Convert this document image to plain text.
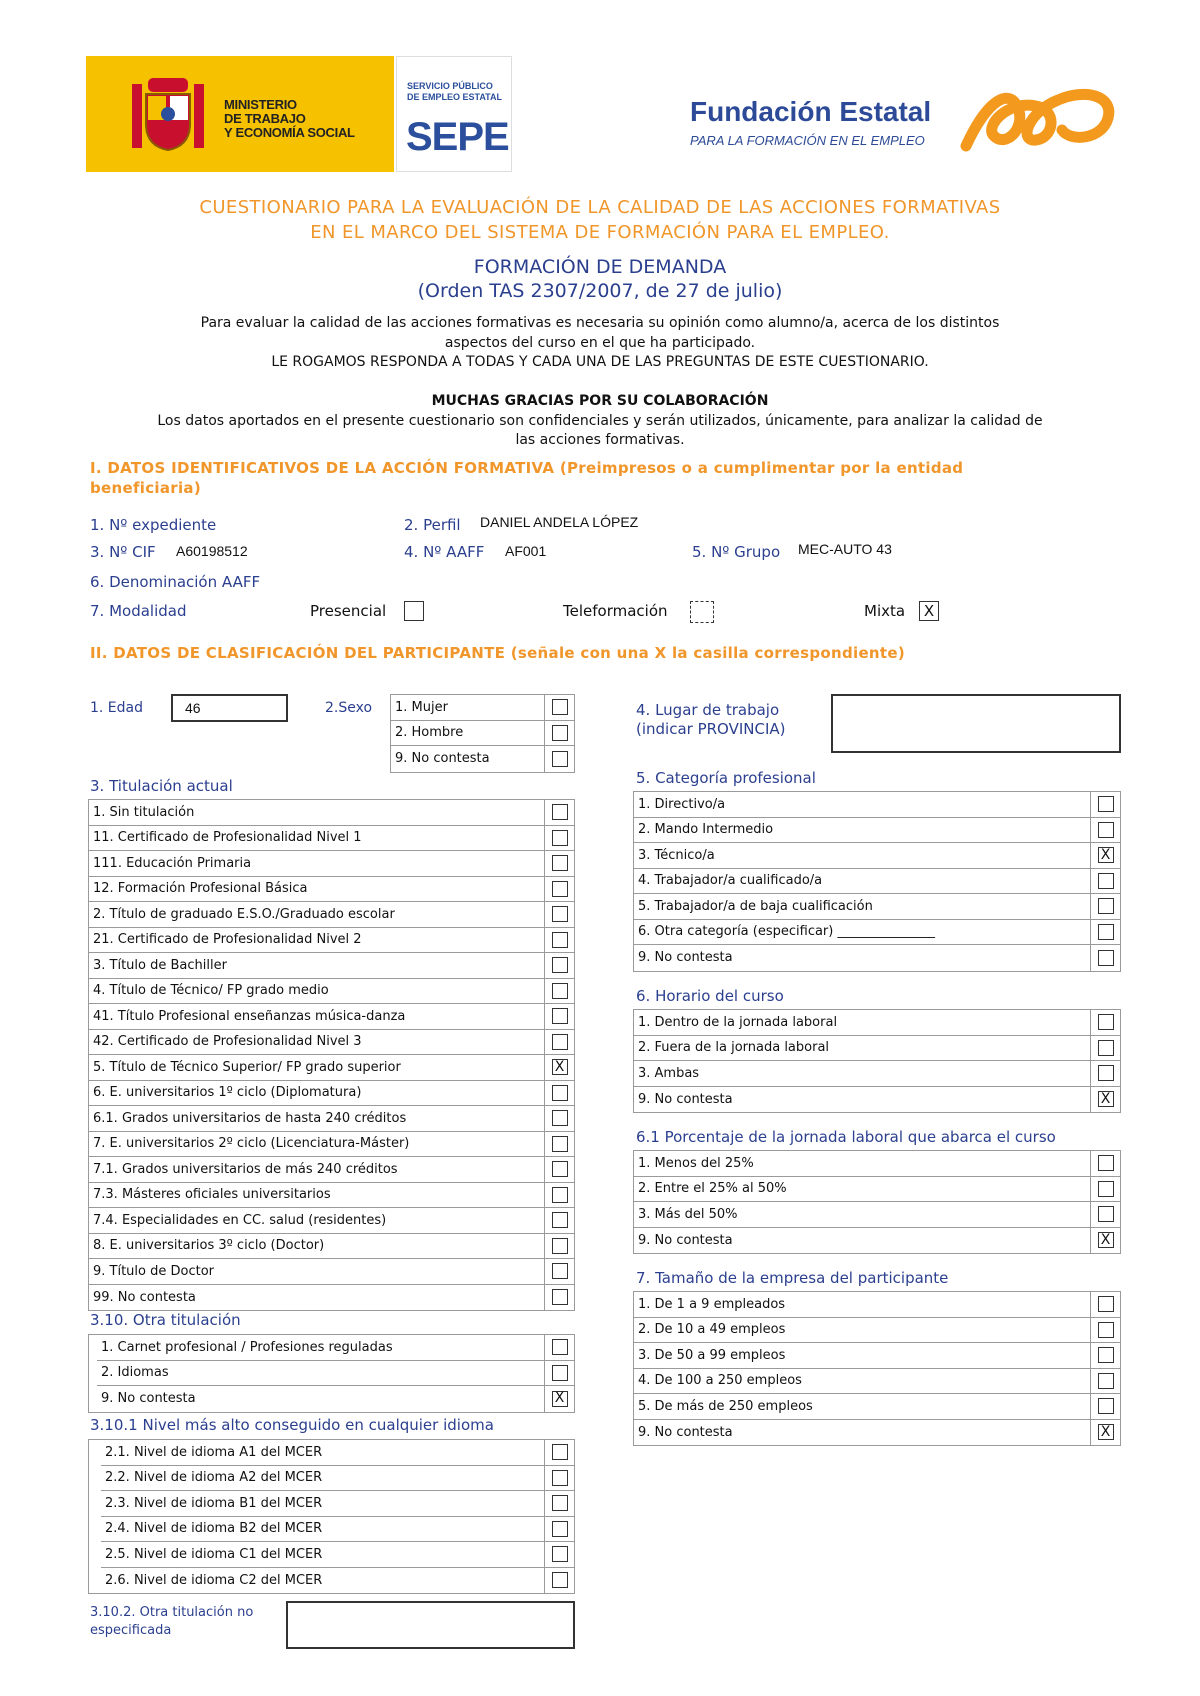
MINISTERIO
DE TRABAJO
Y ECONOMÍA SOCIAL
SERVICIO PÚBLICO
DE EMPLEO ESTATAL
SEPE
Fundación Estatal
PARA LA FORMACIÓN EN EL EMPLEO
CUESTIONARIO PARA LA EVALUACIÓN DE LA CALIDAD DE LAS ACCIONES FORMATIVAS
EN EL MARCO DEL SISTEMA DE FORMACIÓN PARA EL EMPLEO.
FORMACIÓN DE DEMANDA
(Orden TAS 2307/2007, de 27 de julio)
Para evaluar la calidad de las acciones formativas es necesaria su opinión como alumno/a, acerca de los distintos
aspectos del curso en el que ha participado.
LE ROGAMOS RESPONDA A TODAS Y CADA UNA DE LAS PREGUNTAS DE ESTE CUESTIONARIO.
MUCHAS GRACIAS POR SU COLABORACIÓN
Los datos aportados en el presente cuestionario son confidenciales y serán utilizados, únicamente, para analizar la calidad de
las acciones formativas.
I. DATOS IDENTIFICATIVOS DE LA ACCIÓN FORMATIVA (Preimpresos o a cumplimentar por la entidad
beneficiaria)
1. Nº expediente	2. Perfil DANIEL ANDELA LÓPEZ
3. Nº CIF A60198512	4. Nº AAFF AF001	5. Nº Grupo MEC-AUTO 43
6. Denominación AAFF
7. Modalidad	Presencial	Teleformación	Mixta	X
II. DATOS DE CLASIFICACIÓN DEL PARTICIPANTE (señale con una X la casilla correspondiente)
1. Edad	46	2.Sexo	1. Mujer
2. Hombre
9. No contesta
4. Lugar de trabajo
(indicar PROVINCIA)
3. Titulación actual
1. Sin titulación
11. Certificado de Profesionalidad Nivel 1
111. Educación Primaria
12. Formación Profesional Básica
2. Título de graduado E.S.O./Graduado escolar
21. Certificado de Profesionalidad Nivel 2
3. Título de Bachiller
4. Título de Técnico/ FP grado medio
41. Título Profesional enseñanzas música-danza
42. Certificado de Profesionalidad Nivel 3
5. Título de Técnico Superior/ FP grado superior	X
6. E. universitarios 1º ciclo (Diplomatura)
6.1. Grados universitarios de hasta 240 créditos
7. E. universitarios 2º ciclo (Licenciatura-Máster)
7.1. Grados universitarios de más 240 créditos
7.3. Másteres oficiales universitarios
7.4. Especialidades en CC. salud (residentes)
8. E. universitarios 3º ciclo (Doctor)
9. Título de Doctor
99. No contesta
3.10. Otra titulación
1. Carnet profesional / Profesiones reguladas
2. Idiomas
9. No contesta	X
3.10.1 Nivel más alto conseguido en cualquier idioma
2.1. Nivel de idioma A1 del MCER
2.2. Nivel de idioma A2 del MCER
2.3. Nivel de idioma B1 del MCER
2.4. Nivel de idioma B2 del MCER
2.5. Nivel de idioma C1 del MCER
2.6. Nivel de idioma C2 del MCER
3.10.2. Otra titulación no
especificada
5. Categoría profesional
1. Directivo/a
2. Mando Intermedio
3. Técnico/a	X
4. Trabajador/a cualificado/a
5. Trabajador/a de baja cualificación
6. Otra categoría (especificar) _______________
9. No contesta
6. Horario del curso
1. Dentro de la jornada laboral
2. Fuera de la jornada laboral
3. Ambas
9. No contesta	X
6.1 Porcentaje de la jornada laboral que abarca el curso
1. Menos del 25%
2. Entre el 25% al 50%
3. Más del 50%
9. No contesta	X
7. Tamaño de la empresa del participante
1. De 1 a 9 empleados
2. De 10 a 49 empleos
3. De 50 a 99 empleos
4. De 100 a 250 empleos
5. De más de 250 empleos
9. No contesta	X
